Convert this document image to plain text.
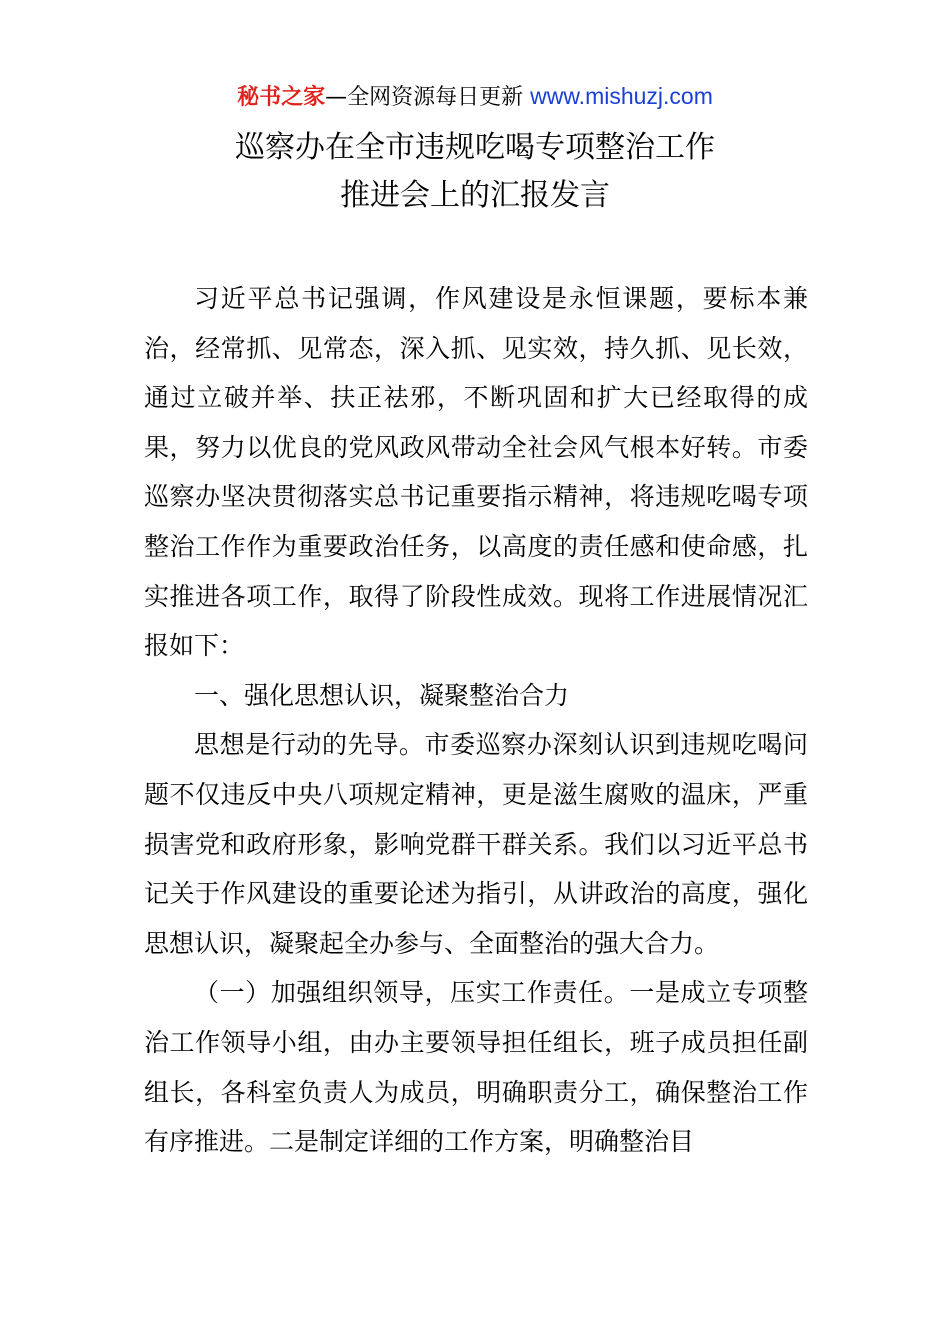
秘书之家—全网资源每日更新 www.mishuzj.com
巡察办在全市违规吃喝专项整治工作
推进会上的汇报发言

习近平总书记强调，作风建设是永恒课题，要标本兼治，经常抓、见常态，深入抓、见实效，持久抓、见长效，通过立破并举、扶正祛邪，不断巩固和扩大已经取得的成果，努力以优良的党风政风带动全社会风气根本好转。市委巡察办坚决贯彻落实总书记重要指示精神，将违规吃喝专项整治工作作为重要政治任务，以高度的责任感和使命感，扎实推进各项工作，取得了阶段性成效。现将工作进展情况汇报如下：

一、强化思想认识，凝聚整治合力

思想是行动的先导。市委巡察办深刻认识到违规吃喝问题不仅违反中央八项规定精神，更是滋生腐败的温床，严重损害党和政府形象，影响党群干群关系。我们以习近平总书记关于作风建设的重要论述为指引，从讲政治的高度，强化思想认识，凝聚起全办参与、全面整治的强大合力。

（一）加强组织领导，压实工作责任。一是成立专项整治工作领导小组，由办主要领导担任组长，班子成员担任副组长，各科室负责人为成员，明确职责分工，确保整治工作有序推进。二是制定详细的工作方案，明确整治目
